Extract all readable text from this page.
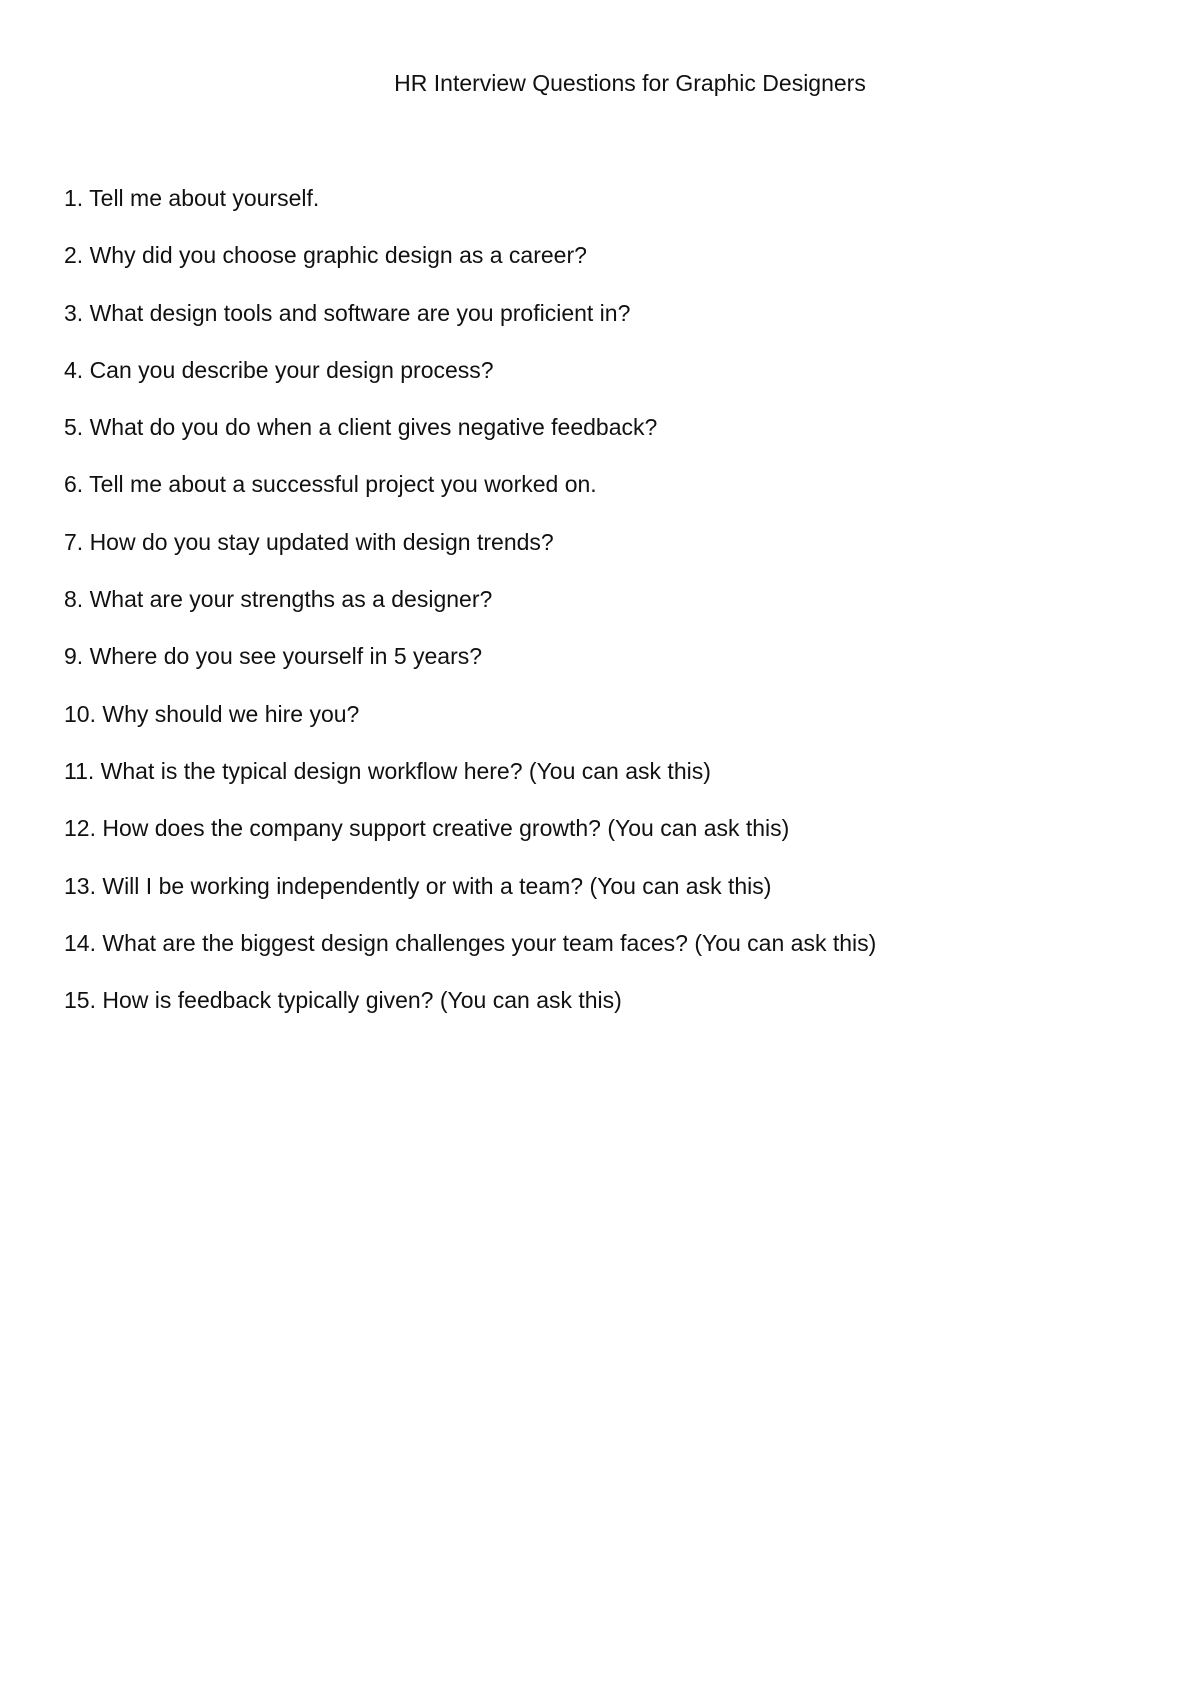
HR Interview Questions for Graphic Designers
1. Tell me about yourself.
2. Why did you choose graphic design as a career?
3. What design tools and software are you proficient in?
4. Can you describe your design process?
5. What do you do when a client gives negative feedback?
6. Tell me about a successful project you worked on.
7. How do you stay updated with design trends?
8. What are your strengths as a designer?
9. Where do you see yourself in 5 years?
10. Why should we hire you?
11. What is the typical design workflow here? (You can ask this)
12. How does the company support creative growth? (You can ask this)
13. Will I be working independently or with a team? (You can ask this)
14. What are the biggest design challenges your team faces? (You can ask this)
15. How is feedback typically given? (You can ask this)
